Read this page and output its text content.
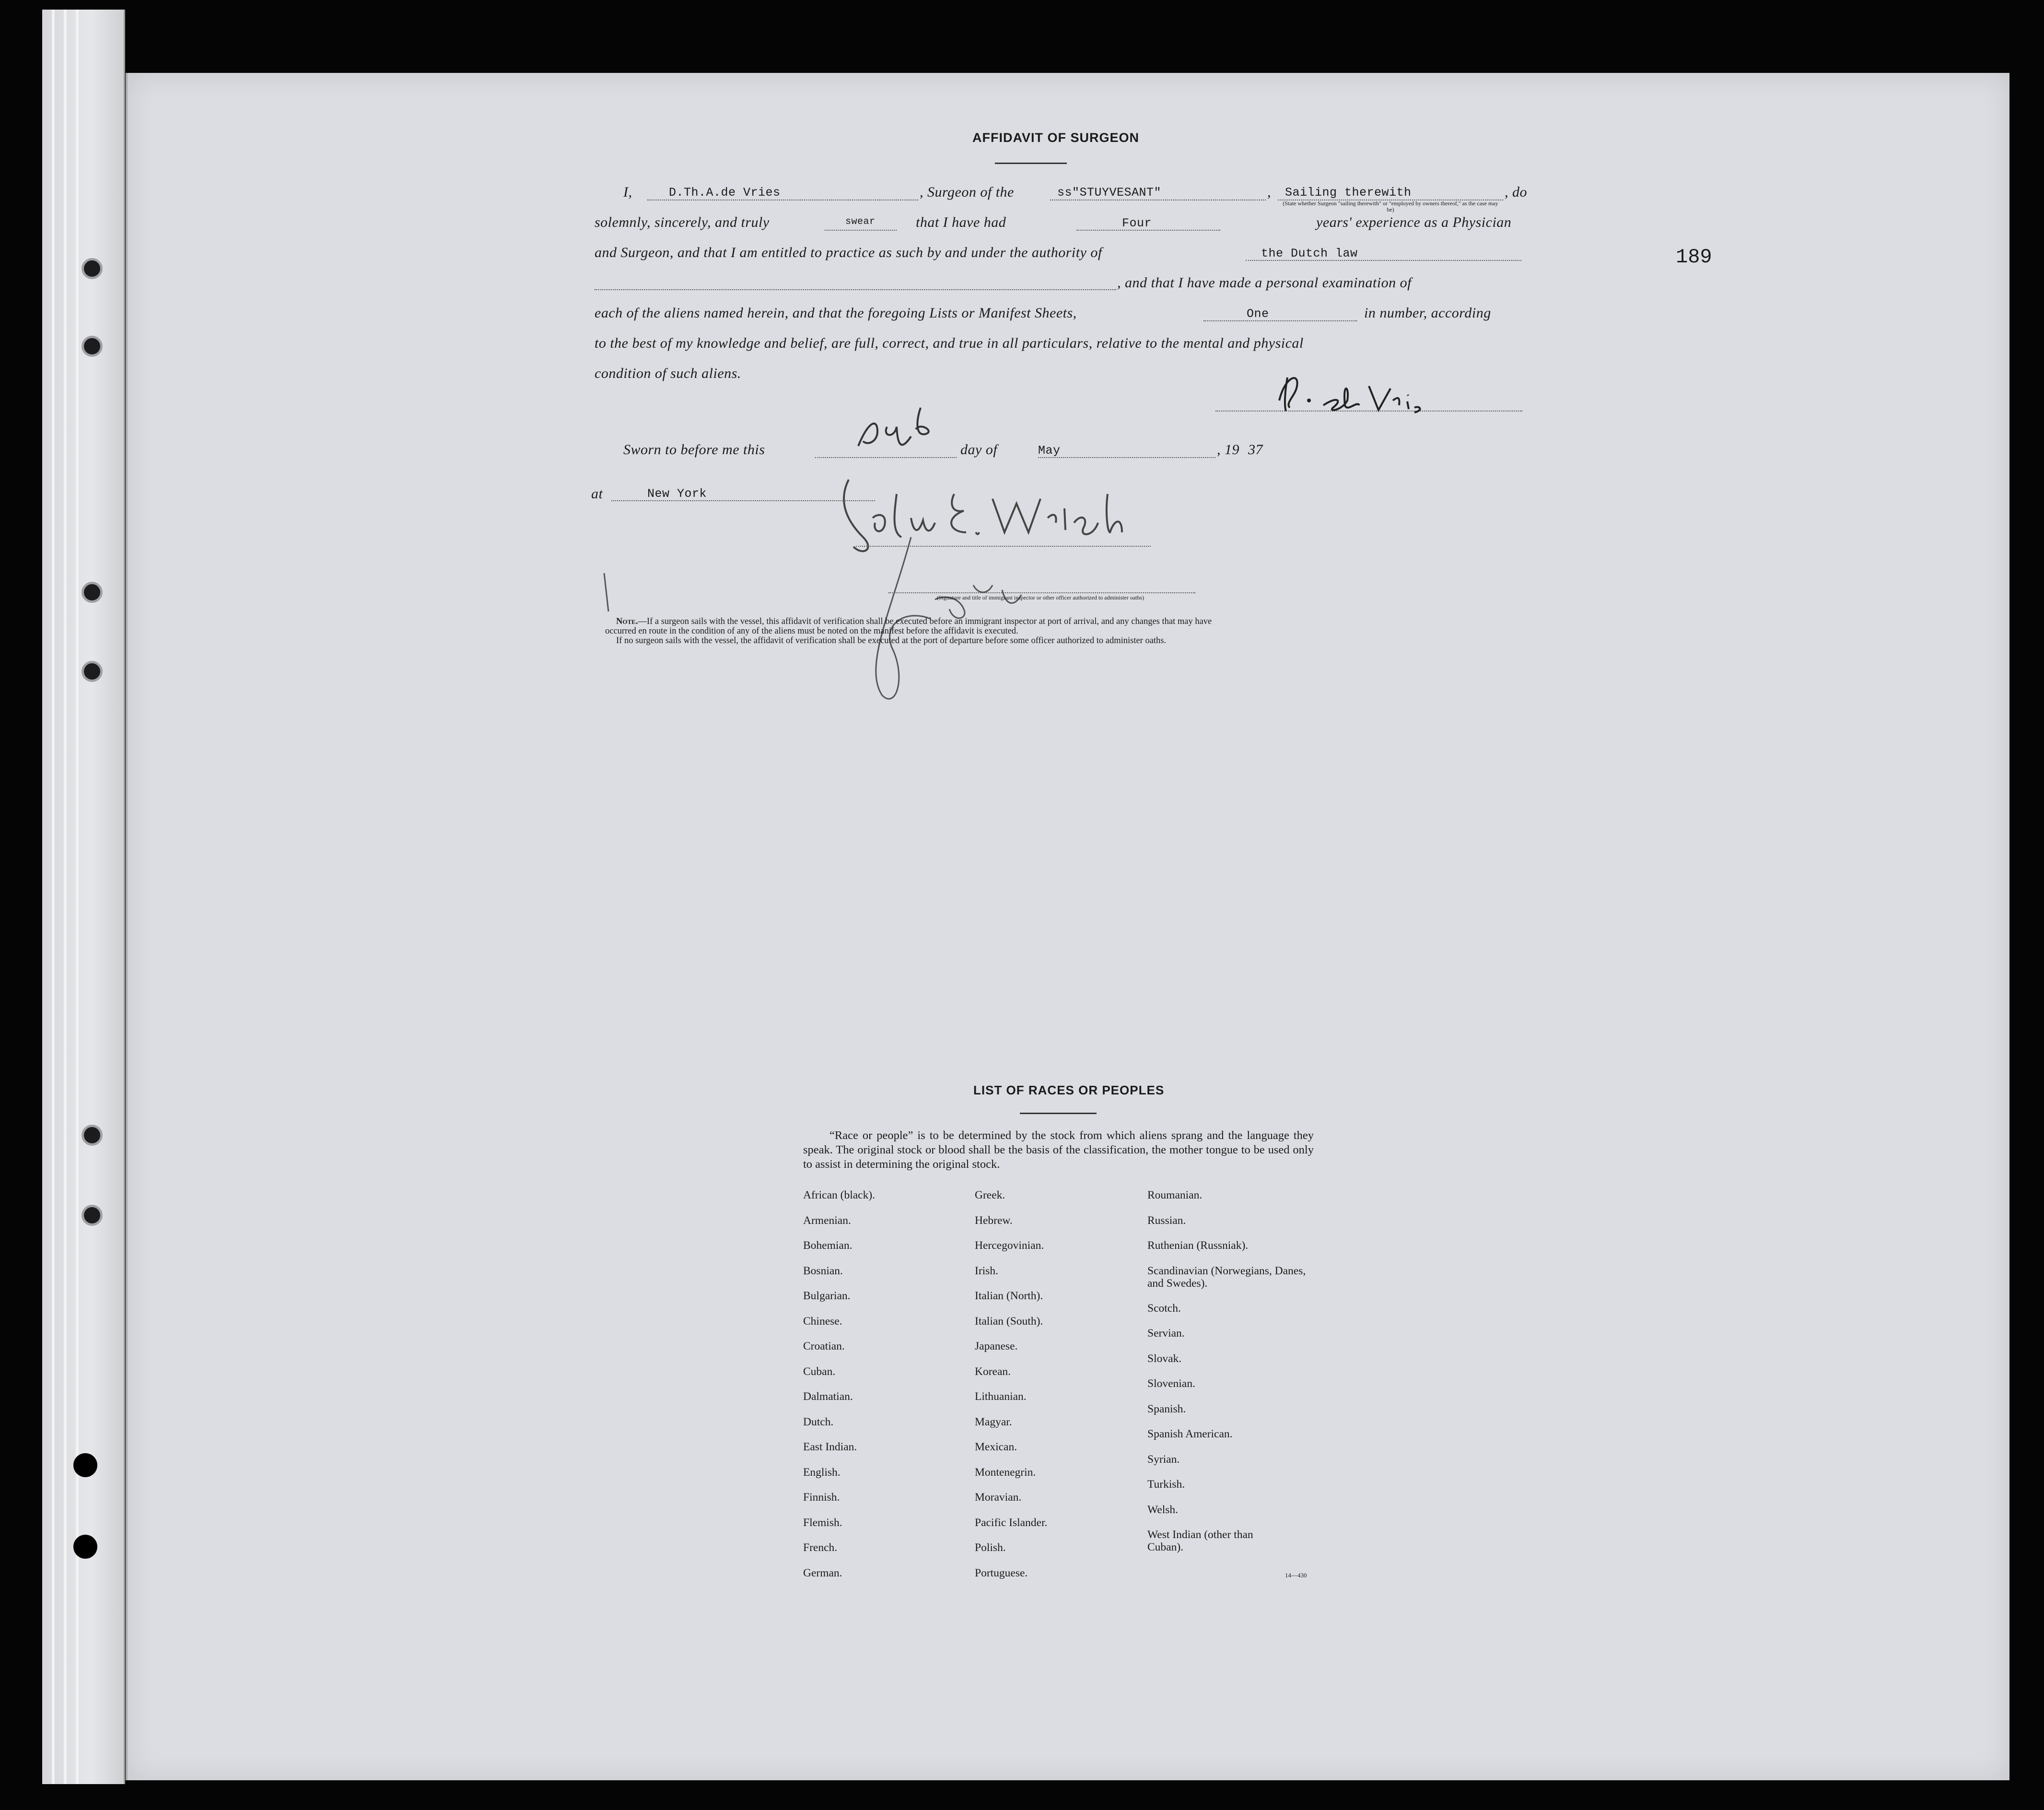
189
AFFIDAVIT OF SURGEON
I,	D.Th.A.de Vries	, Surgeon of the	ss"STUYVESANT"	, Sailing therewith	, do
(State whether Surgeon "sailing therewith" or "employed by owners thereof," as the case may be)
solemnly, sincerely, and truly	swear	that I have had	Four	years' experience as a Physician
and Surgeon, and that I am entitled to practice as such by and under the authority of	the Dutch law
, and that I have made a personal examination of
each of the aliens named herein, and that the foregoing Lists or Manifest Sheets,	One	in number, according
to the best of my knowledge and belief, are full, correct, and true in all particulars, relative to the mental and physical
condition of such aliens.
Sworn to before me this	day of	May	, 19 37
at	New York
(Signature and title of immigrant inspector or other officer authorized to administer oaths)
Note.—If a surgeon sails with the vessel, this affidavit of verification shall be executed before an immigrant inspector at port of arrival, and any changes that may have
occurred en route in the condition of any of the aliens must be noted on the manifest before the affidavit is executed.
If no surgeon sails with the vessel, the affidavit of verification shall be executed at the port of departure before some officer authorized to administer oaths.
LIST OF RACES OR PEOPLES
“Race or people” is to be determined by the stock from which aliens sprang and the language they speak. The original stock or blood shall be the basis of the classification, the mother tongue to be used only to assist in determining the original stock.
African (black).
Armenian.
Bohemian.
Bosnian.
Bulgarian.
Chinese.
Croatian.
Cuban.
Dalmatian.
Dutch.
East Indian.
English.
Finnish.
Flemish.
French.
German.
Greek.
Hebrew.
Hercegovinian.
Irish.
Italian (North).
Italian (South).
Japanese.
Korean.
Lithuanian.
Magyar.
Mexican.
Montenegrin.
Moravian.
Pacific Islander.
Polish.
Portuguese.
Roumanian.
Russian.
Ruthenian (Russniak).
Scandinavian (Norwegians, Danes, and Swedes).
Scotch.
Servian.
Slovak.
Slovenian.
Spanish.
Spanish American.
Syrian.
Turkish.
Welsh.
West Indian (other than Cuban).
14—430
